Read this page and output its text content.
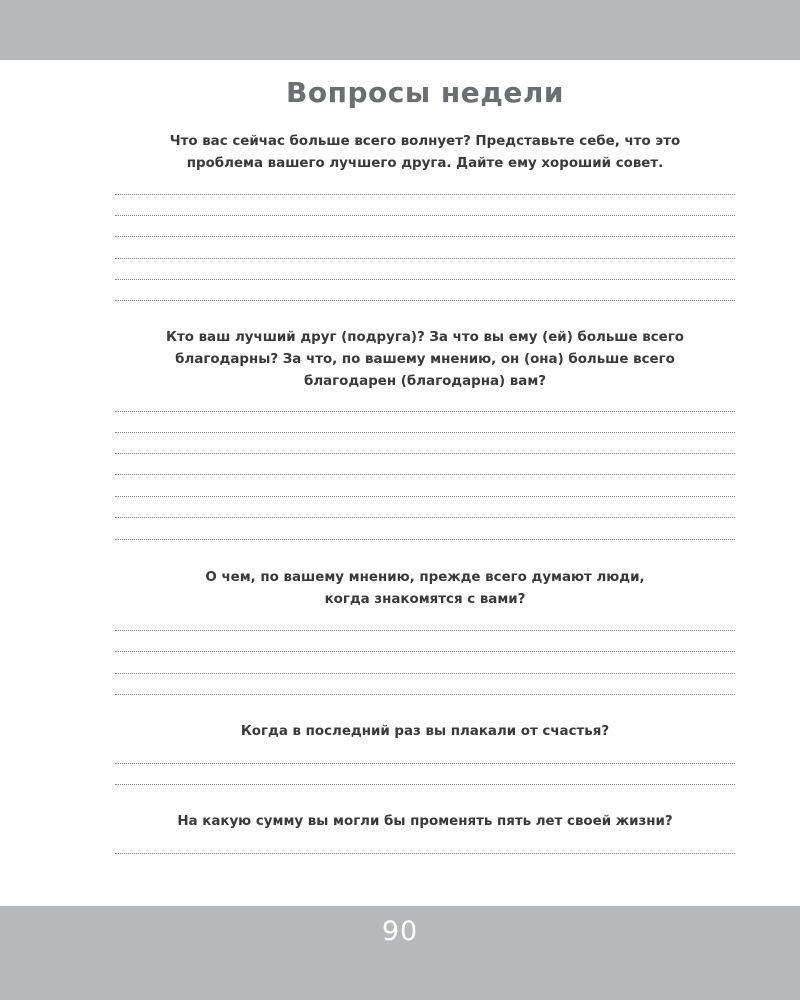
Вопросы недели
Что вас сейчас больше всего волнует? Представьте себе, что это
проблема вашего лучшего друга. Дайте ему хороший совет.
Кто ваш лучший друг (подруга)? За что вы ему (ей) больше всего
благодарны? За что, по вашему мнению, он (она) больше всего
благодарен (благодарна) вам?
О чем, по вашему мнению, прежде всего думают люди,
когда знакомятся с вами?
Когда в последний раз вы плакали от счастья?
На какую сумму вы могли бы променять пять лет своей жизни?
90
